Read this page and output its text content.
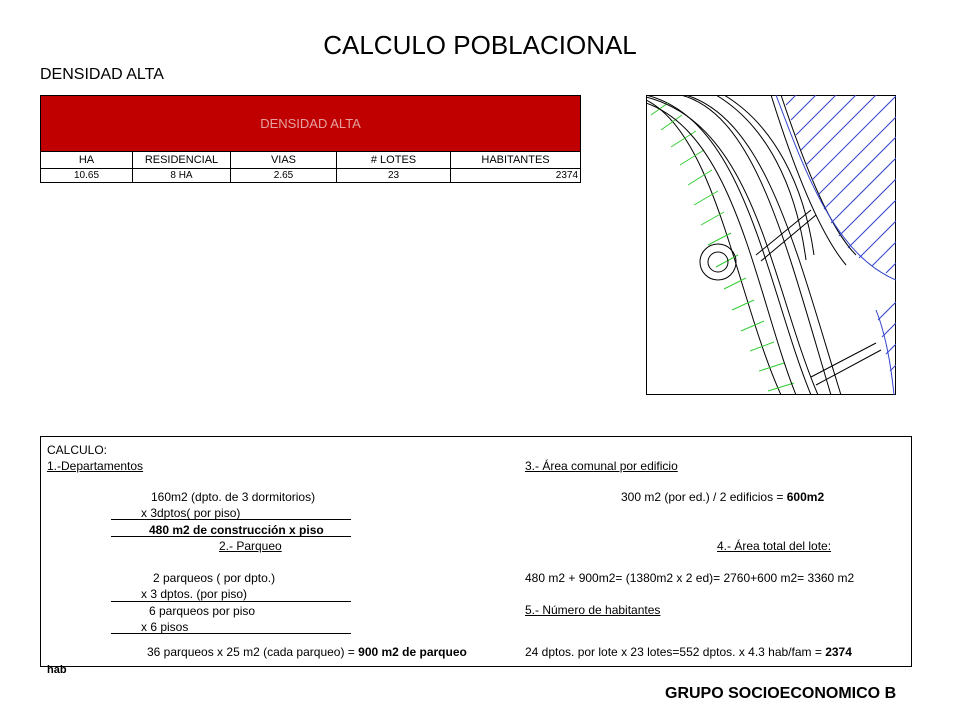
CALCULO POBLACIONAL
DENSIDAD ALTA
DENSIDAD ALTA				
HA	RESIDENCIAL	VIAS	# LOTES	HABITANTES
10.65	8 HA	2.65	23	2374
CALCULO:
1.-Departamentos
160m2 (dpto. de 3 dormitorios)
x 3dptos( por piso)
480 m2 de construcción x piso
2.- Parqueo
2 parqueos ( por dpto.)
x 3 dptos. (por piso)
6 parqueos por piso
x 6 pisos
36 parqueos x 25 m2 (cada parqueo) = 900 m2 de parqueo
3.- Área comunal por edificio
300 m2 (por ed.) / 2 edificios = 600m2
4.- Área total del lote:
480 m2 + 900m2= (1380m2 x 2 ed)= 2760+600 m2= 3360 m2
5.- Número de habitantes
24 dptos. por lote x 23 lotes=552 dptos. x 4.3 hab/fam = 2374
hab
GRUPO SOCIOECONOMICO B
